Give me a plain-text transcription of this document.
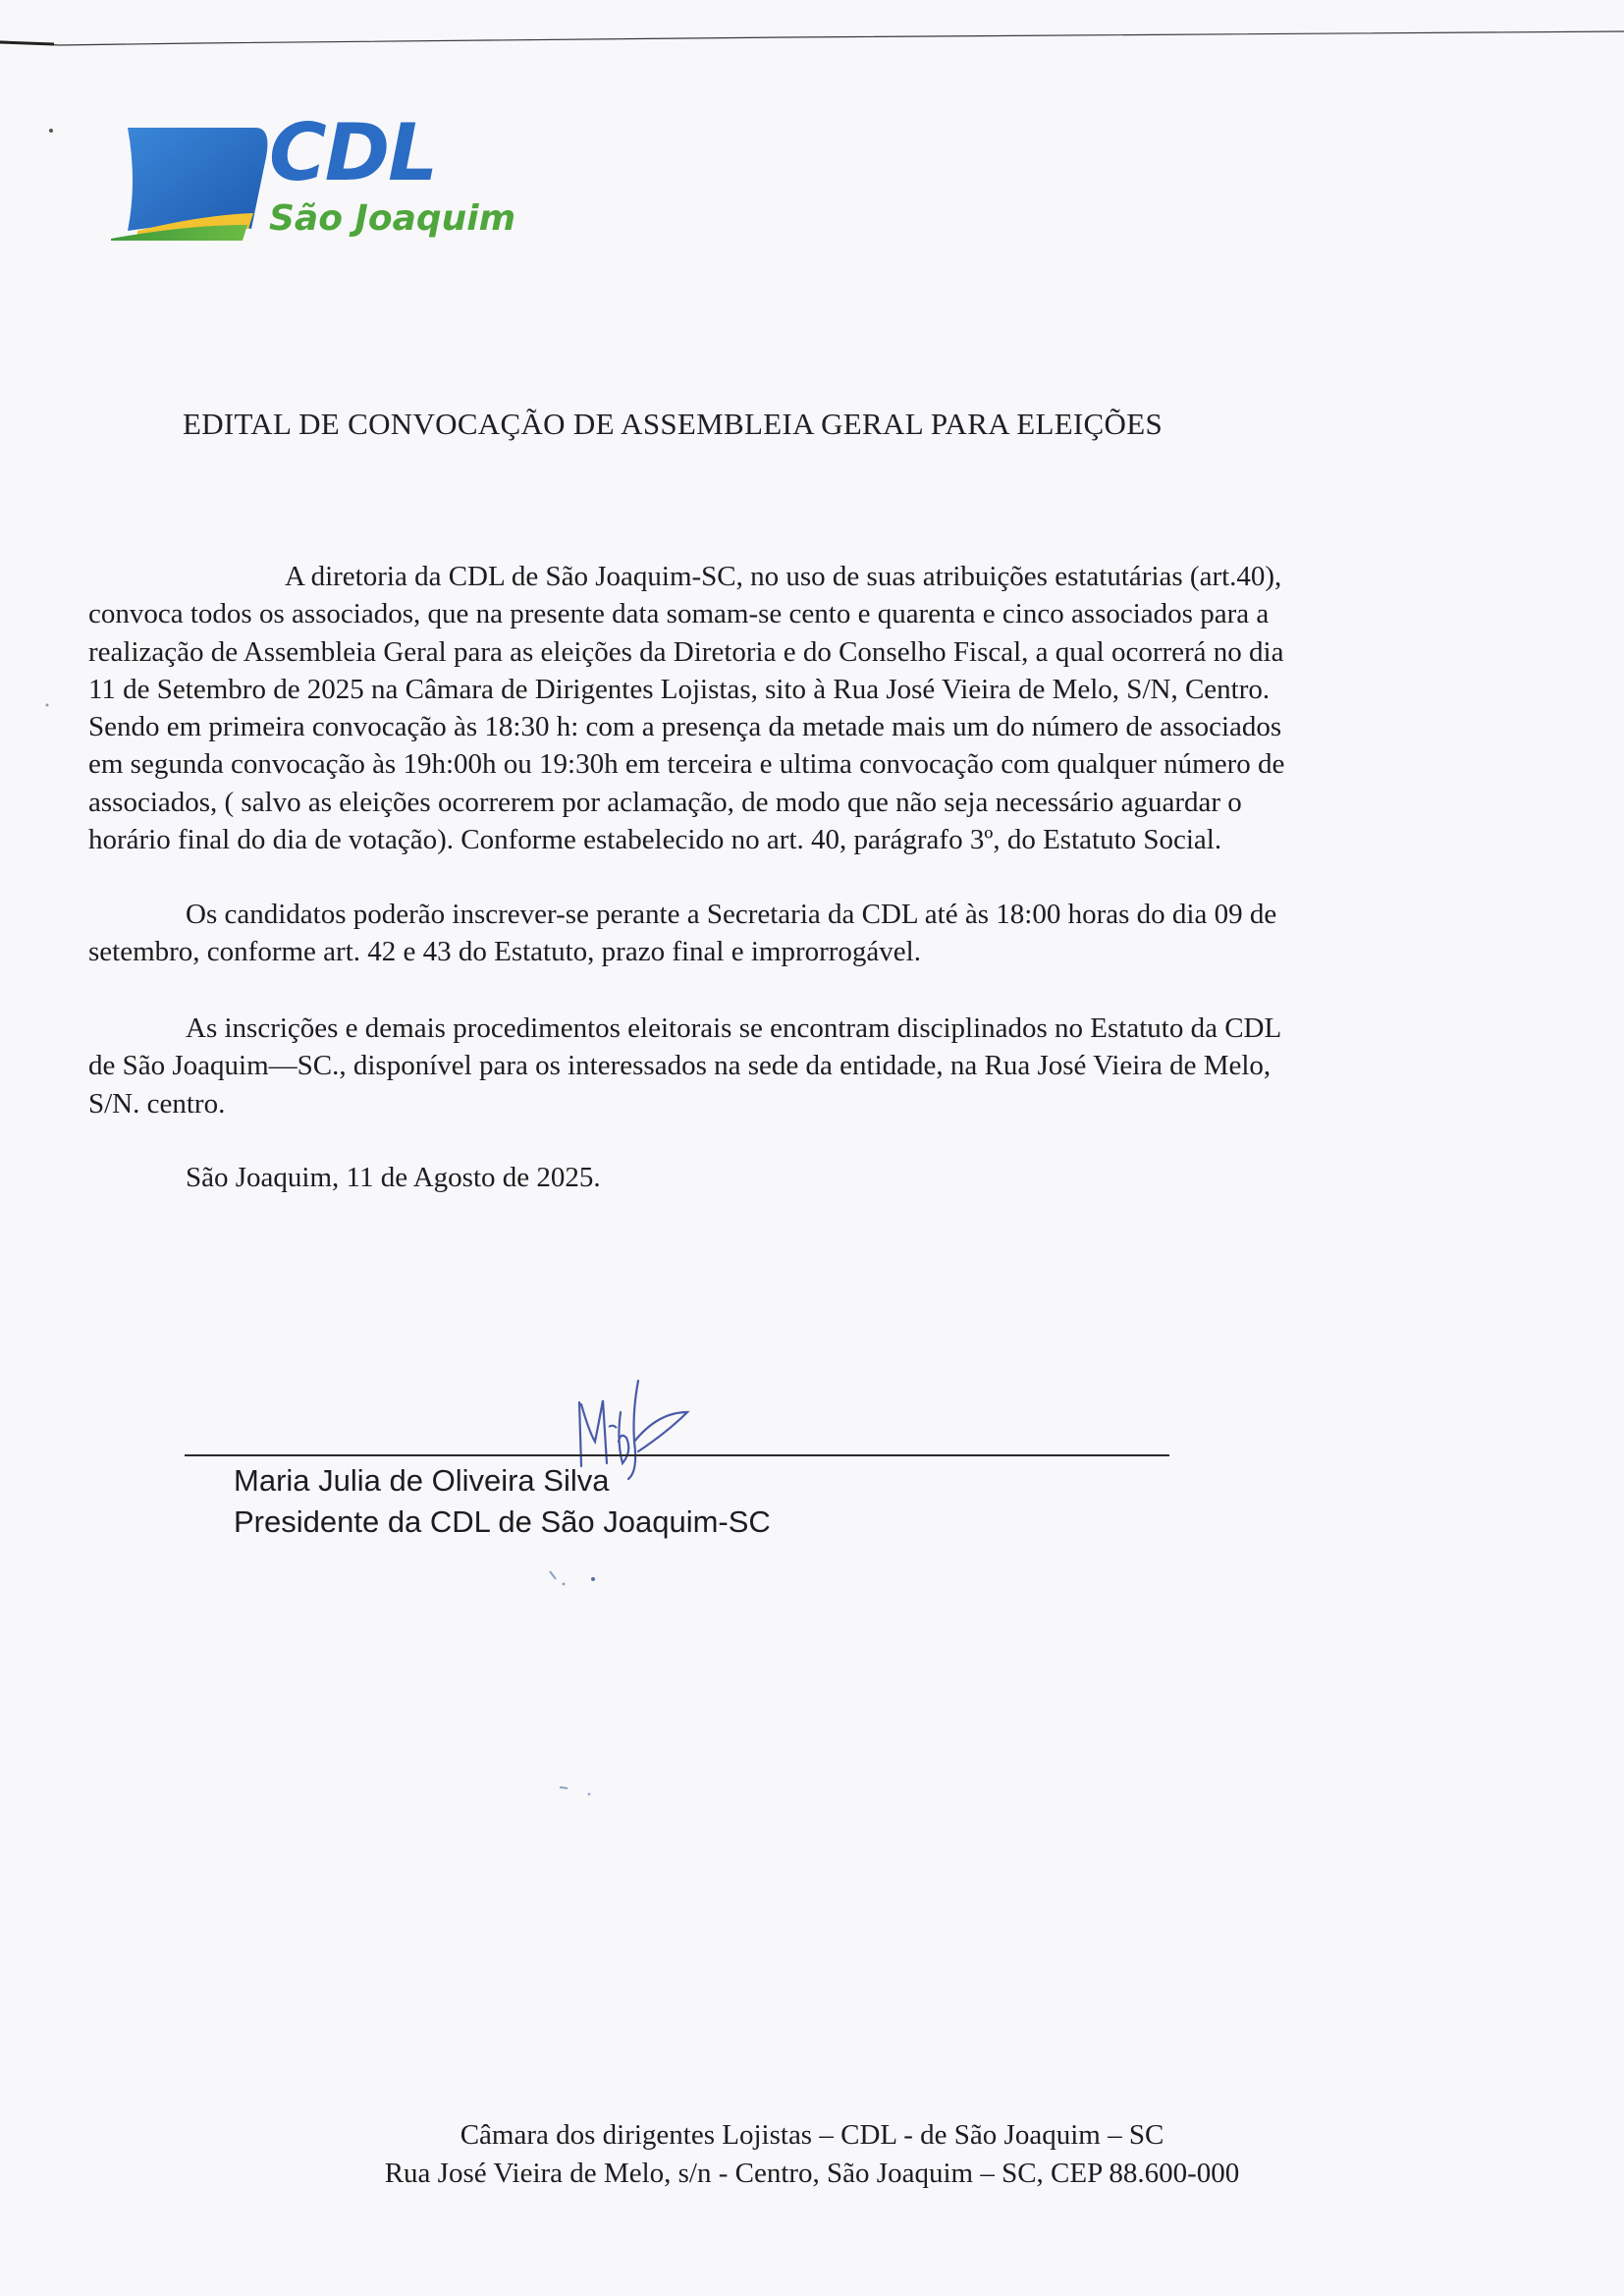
CDL
São Joaquim
EDITAL DE CONVOCAÇÃO DE ASSEMBLEIA GERAL PARA ELEIÇÕES
A diretoria da CDL de São Joaquim-SC, no uso de suas atribuições estatutárias (art.40),
convoca todos os associados, que na presente data somam-se cento e quarenta e cinco associados para a
realização de Assembleia Geral para as eleições da Diretoria e do Conselho Fiscal, a qual ocorrerá no dia
11 de Setembro de 2025 na Câmara de Dirigentes Lojistas, sito à Rua José Vieira de Melo, S/N, Centro.
Sendo em primeira convocação às 18:30 h: com a presença da metade mais um do número de associados
em segunda convocação às 19h:00h ou 19:30h em terceira e ultima convocação com qualquer número de
associados, ( salvo as eleições ocorrerem por aclamação, de modo que não seja necessário aguardar o
horário final do dia de votação). Conforme estabelecido no art. 40, parágrafo 3º, do Estatuto Social.
Os candidatos poderão inscrever-se perante a Secretaria da CDL até às 18:00 horas do dia 09 de
setembro, conforme art. 42 e 43 do Estatuto, prazo final e improrrogável.
As inscrições e demais procedimentos eleitorais se encontram disciplinados no Estatuto da CDL
de São Joaquim—SC., disponível para os interessados na sede da entidade, na Rua José Vieira de Melo,
S/N. centro.
São Joaquim, 11 de Agosto de 2025.
Maria Julia de Oliveira Silva
Presidente da CDL de São Joaquim-SC
Câmara dos dirigentes Lojistas – CDL - de São Joaquim – SC
Rua José Vieira de Melo, s/n - Centro, São Joaquim – SC, CEP 88.600-000
